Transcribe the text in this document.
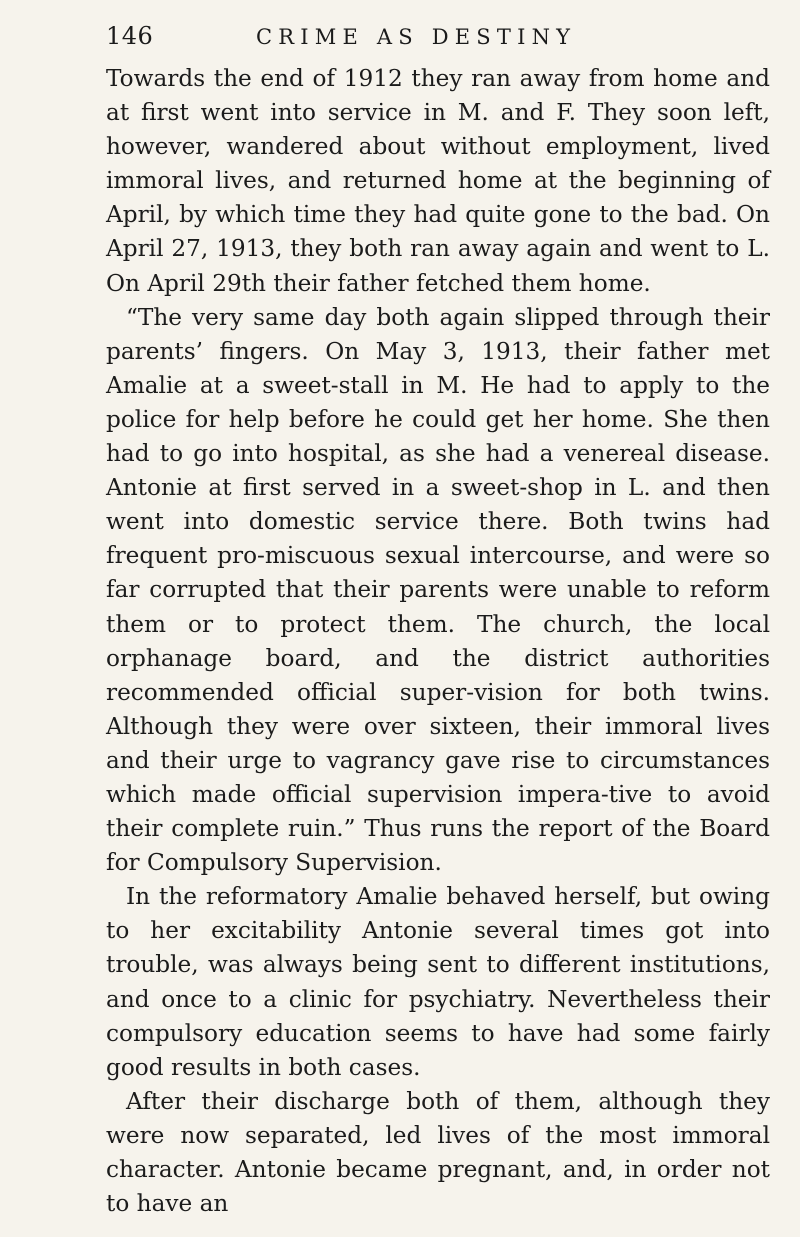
146	CRIME AS DESTINY

Towards the end of 1912 they ran away from home and at first went into service in M. and F. They soon left, however, wandered about without employment, lived immoral lives, and returned home at the beginning of April, by which time they had quite gone to the bad. On April 27, 1913, they both ran away again and went to L. On April 29th their father fetched them home.

“The very same day both again slipped through their parents’ fingers. On May 3, 1913, their father met Amalie at a sweet-stall in M. He had to apply to the police for help before he could get her home. She then had to go into hospital, as she had a venereal disease. Antonie at first served in a sweet-shop in L. and then went into domestic service there. Both twins had frequent pro-miscuous sexual intercourse, and were so far corrupted that their parents were unable to reform them or to protect them. The church, the local orphanage board, and the district authorities recommended official super-vision for both twins. Although they were over sixteen, their immoral lives and their urge to vagrancy gave rise to circumstances which made official supervision impera-tive to avoid their complete ruin.” Thus runs the report of the Board for Compulsory Supervision.

In the reformatory Amalie behaved herself, but owing to her excitability Antonie several times got into trouble, was always being sent to different institutions, and once to a clinic for psychiatry. Nevertheless their compulsory education seems to have had some fairly good results in both cases.

After their discharge both of them, although they were now separated, led lives of the most immoral character. Antonie became pregnant, and, in order not to have an
